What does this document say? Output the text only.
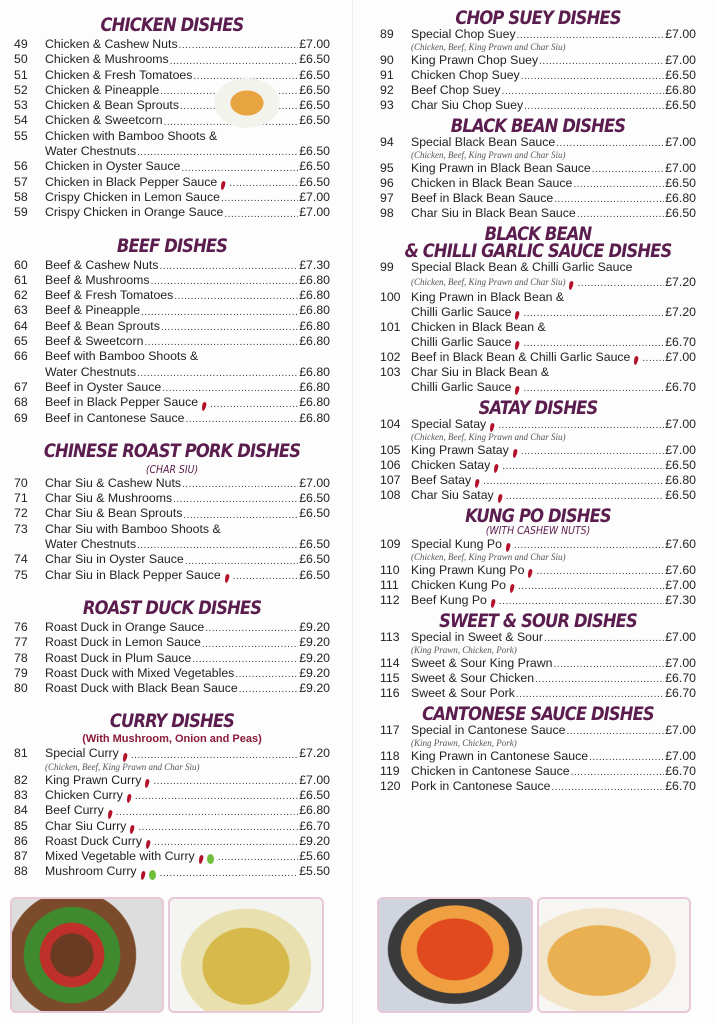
CHICKEN DISHES
49	Chicken & Cashew Nuts .....	£7.00
50	Chicken & Mushrooms .....	£6.50
51	Chicken & Fresh Tomatoes .....	£6.50
52	Chicken & Pineapple .....	£6.50
53	Chicken & Bean Sprouts .....	£6.50
54	Chicken & Sweetcorn .....	£6.50
55	Chicken with Bamboo Shoots &
Water Chestnuts .....	£6.50
56	Chicken in Oyster Sauce .....	£6.50
57	Chicken in Black Pepper Sauce .....	£6.50
58	Crispy Chicken in Lemon Sauce .....	£7.00
59	Crispy Chicken in Orange Sauce .....	£7.00
BEEF DISHES
60	Beef & Cashew Nuts .....	£7.30
61	Beef & Mushrooms .....	£6.80
62	Beef & Fresh Tomatoes .....	£6.80
63	Beef & Pineapple .....	£6.80
64	Beef & Bean Sprouts .....	£6.80
65	Beef & Sweetcorn .....	£6.80
66	Beef with Bamboo Shoots &
Water Chestnuts .....	£6.80
67	Beef in Oyster Sauce .....	£6.80
68	Beef in Black Pepper Sauce .....	£6.80
69	Beef in Cantonese Sauce .....	£6.80
CHINESE ROAST PORK DISHES
(CHAR SIU)
70	Char Siu & Cashew Nuts .....	£7.00
71	Char Siu & Mushrooms .....	£6.50
72	Char Siu & Bean Sprouts .....	£6.50
73	Char Siu with Bamboo Shoots &
Water Chestnuts .....	£6.50
74	Char Siu in Oyster Sauce .....	£6.50
75	Char Siu in Black Pepper Sauce .....	£6.50
ROAST DUCK DISHES
76	Roast Duck in Orange Sauce .....	£9.20
77	Roast Duck in Lemon Sauce .....	£9.20
78	Roast Duck in Plum Sauce .....	£9.20
79	Roast Duck with Mixed Vegetables .....	£9.20
80	Roast Duck with Black Bean Sauce .....	£9.20
CURRY DISHES
(With Mushroom, Onion and Peas)
81	Special Curry .....	£7.20
(Chicken, Beef, King Prawn and Char Siu)
82	King Prawn Curry .....	£7.00
83	Chicken Curry .....	£6.50
84	Beef Curry .....	£6.80
85	Char Siu Curry .....	£6.70
86	Roast Duck Curry .....	£9.20
87	Mixed Vegetable with Curry .....	£5.60
88	Mushroom Curry .....	£5.50
CHOP SUEY DISHES
89	Special Chop Suey .....	£7.00
(Chicken, Beef, King Prawn and Char Siu)
90	King Prawn Chop Suey .....	£7.00
91	Chicken Chop Suey .....	£6.50
92	Beef Chop Suey .....	£6.80
93	Char Siu Chop Suey .....	£6.50
BLACK BEAN DISHES
94	Special Black Bean Sauce .....	£7.00
(Chicken, Beef, King Prawn and Char Siu)
95	King Prawn in Black Bean Sauce .....	£7.00
96	Chicken in Black Bean Sauce .....	£6.50
97	Beef in Black Bean Sauce .....	£6.80
98	Char Siu in Black Bean Sauce .....	£6.50
BLACK BEAN
& CHILLI GARLIC SAUCE DISHES
99	Special Black Bean & Chilli Garlic Sauce
(Chicken, Beef, King Prawn and Char Siu) .....	£7.20
100 King Prawn in Black Bean &
Chilli Garlic Sauce .....	£7.20
101 Chicken in Black Bean &
Chilli Garlic Sauce .....	£6.70
102 Beef in Black Bean & Chilli Garlic Sauce .....	£7.00
103 Char Siu in Black Bean &
Chilli Garlic Sauce .....	£6.70
SATAY DISHES
104 Special Satay .....	£7.00
(Chicken, Beef, King Prawn and Char Siu)
105 King Prawn Satay .....	£7.00
106 Chicken Satay .....	£6.50
107 Beef Satay .....	£6.80
108 Char Siu Satay .....	£6.50
KUNG PO DISHES
(WITH CASHEW NUTS)
109 Special Kung Po .....	£7.60
(Chicken, Beef, King Prawn and Char Siu)
110 King Prawn Kung Po .....	£7.60
111 Chicken Kung Po .....	£7.00
112 Beef Kung Po .....	£7.30
SWEET & SOUR DISHES
113 Special in Sweet & Sour .....	£7.00
(King Prawn, Chicken, Pork)
114 Sweet & Sour King Prawn .....	£7.00
115 Sweet & Sour Chicken .....	£6.70
116 Sweet & Sour Pork .....	£6.70
CANTONESE SAUCE DISHES
117 Special in Cantonese Sauce .....	£7.00
(King Prawn, Chicken, Pork)
118 King Prawn in Cantonese Sauce .....	£7.00
119 Chicken in Cantonese Sauce .....	£6.70
120 Pork in Cantonese Sauce .....	£6.70
